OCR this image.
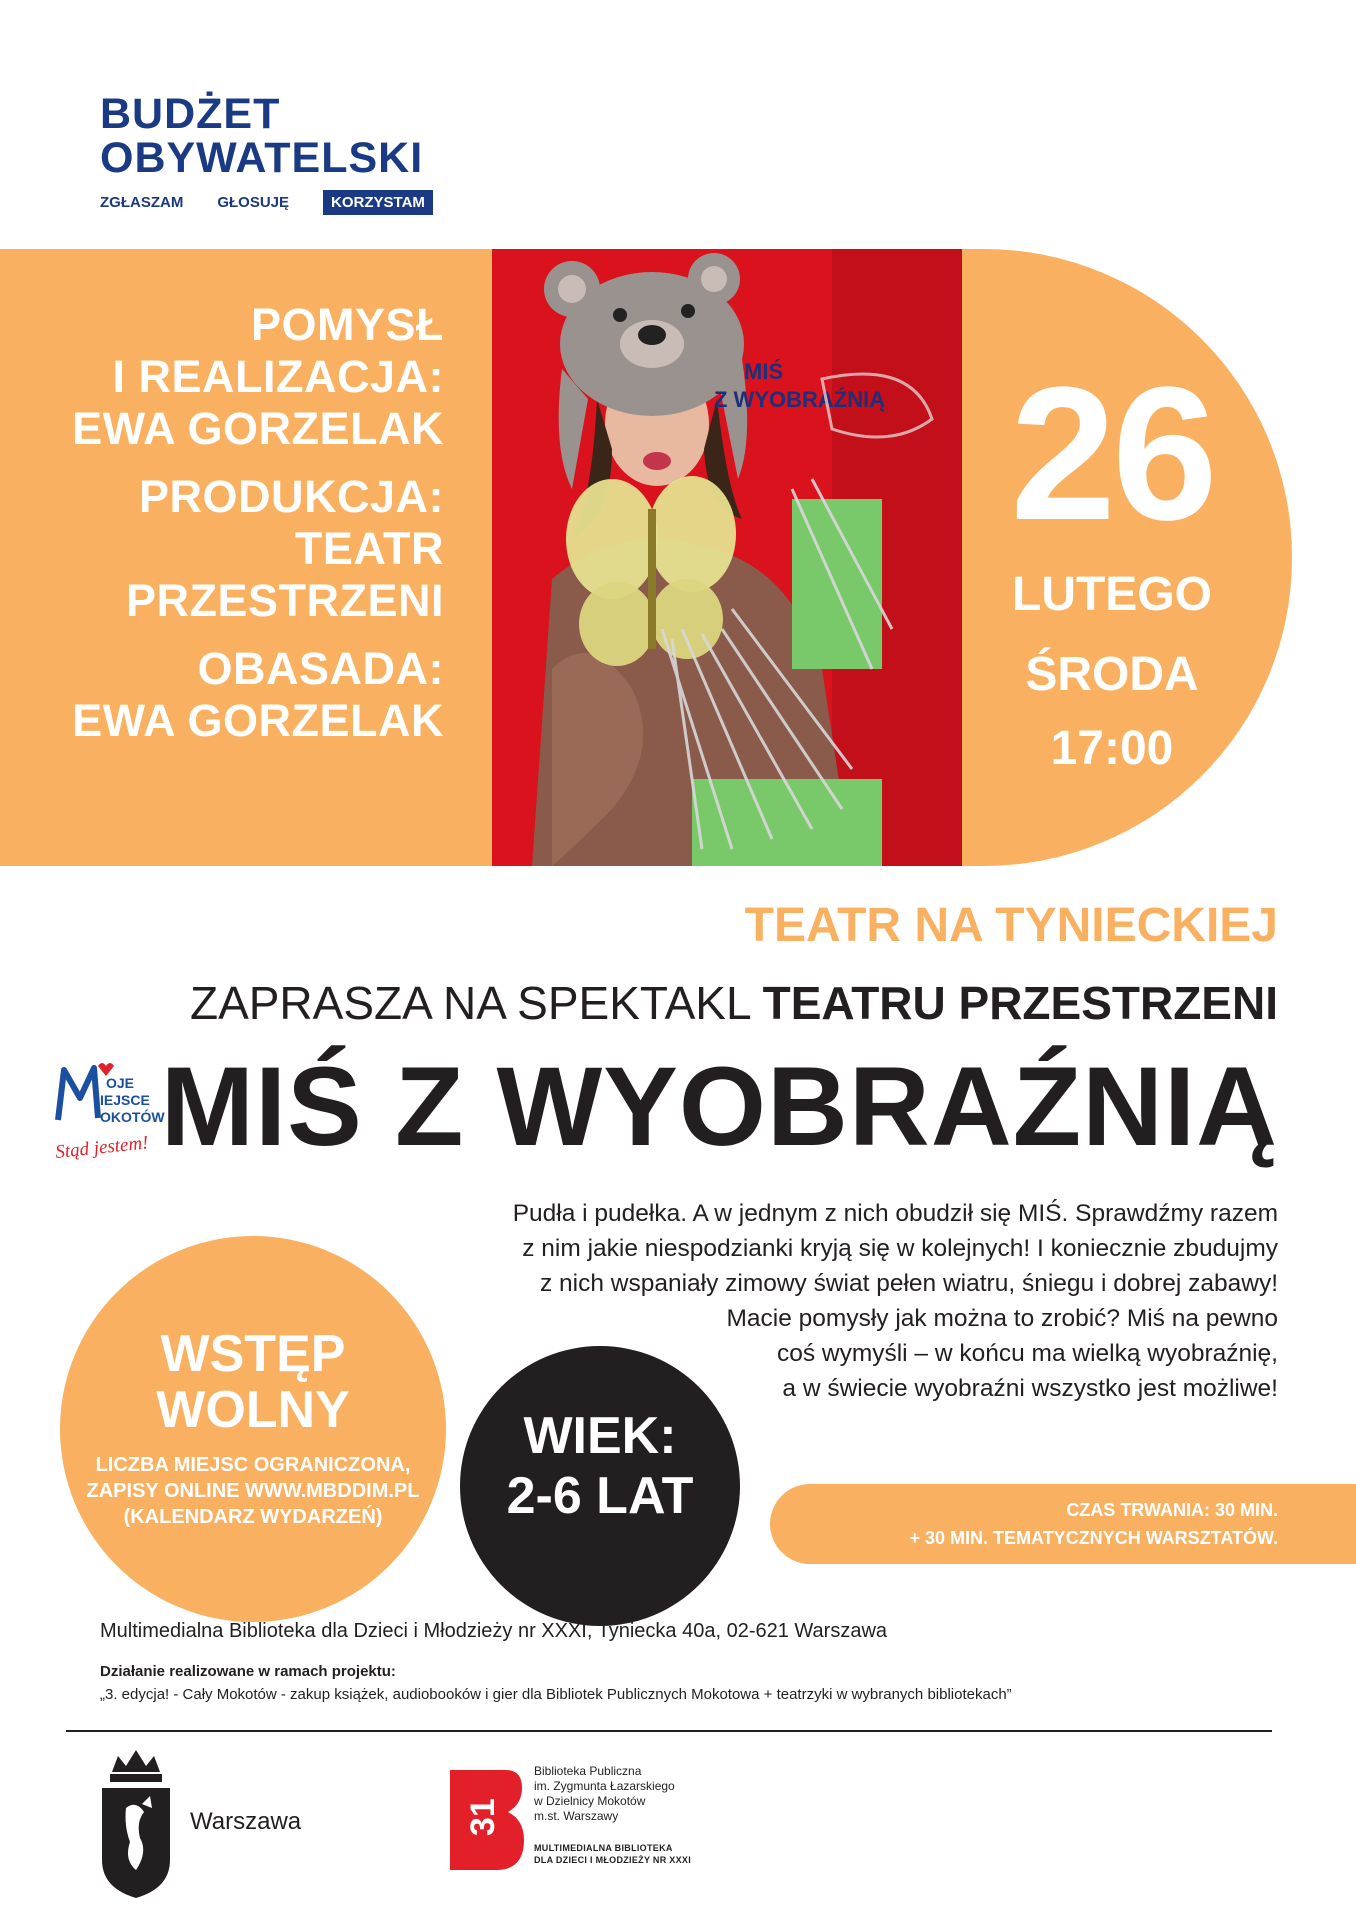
BUDŻET
OBYWATELSKI
ZGŁASZAM GŁOSUJĘ	KORZYSTAM
POMYSŁ
I REALIZACJA:
EWA GORZELAK
PRODUKCJA:
TEATR
PRZESTRZENI
OBASADA:
EWA GORZELAK
MIŚ
Z WYOBRAŹNIĄ 26
LUTEGO
ŚRODA
17:00
TEATR NA TYNIECKIEJ
ZAPRASZA NA SPEKTAKL TEATRU PRZESTRZENI
MIŚ Z WYOBRAŹNIĄ
OJE
IEJSCE
OKOTÓW
Stąd jestem!
Pudła i pudełka. A w jednym z nich obudził się MIŚ. Sprawdźmy razem
z nim jakie niespodzianki kryją się w kolejnych! I koniecznie zbudujmy
z nich wspaniały zimowy świat pełen wiatru, śniegu i dobrej zabawy!
Macie pomysły jak można to zrobić? Miś na pewno
coś wymyśli – w końcu ma wielką wyobraźnię,
a w świecie wyobraźni wszystko jest możliwe!
WSTĘP
WOLNY
LICZBA MIEJSC OGRANICZONA,
ZAPISY ONLINE WWW.MBDDIM.PL
(KALENDARZ WYDARZEŃ)
WIEK:
2-6 LAT	CZAS TRWANIA: 30 MIN.
+ 30 MIN. TEMATYCZNYCH WARSZTATÓW.
Multimedialna Biblioteka dla Dzieci i Młodzieży nr XXXI, Tyniecka 40a, 02-621 Warszawa
Działanie realizowane w ramach projektu:
„3. edycja! - Cały Mokotów - zakup książek, audiobooków i gier dla Bibliotek Publicznych Mokotowa + teatrzyki w wybranych bibliotekach”
Warszawa	31
Biblioteka Publiczna
im. Zygmunta Łazarskiego
w Dzielnicy Mokotów
m.st. Warszawy
MULTIMEDIALNA BIBLIOTEKA
DLA DZIECI I MŁODZIEŻY NR XXXI
